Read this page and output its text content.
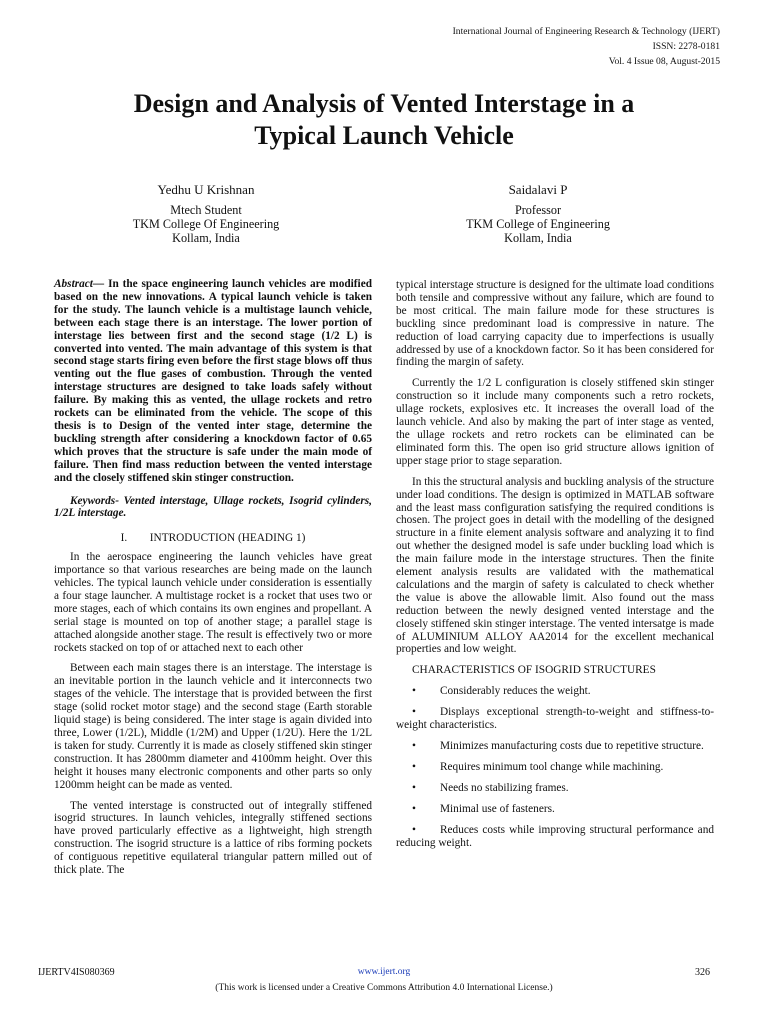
International Journal of Engineering Research & Technology (IJERT)
ISSN: 2278-0181
Vol. 4 Issue 08, August-2015
Design and Analysis of Vented Interstage in a
Typical Launch Vehicle
Yedhu U Krishnan
Mtech Student
TKM College Of Engineering
Kollam, India
Saidalavi P
Professor
TKM College of Engineering
Kollam, India

Abstract— In the space engineering launch vehicles are modified based on the new innovations. A typical launch vehicle is taken for the study. The launch vehicle is a multistage launch vehicle, between each stage there is an interstage. The lower portion of interstage lies between first and the second stage (1/2 L) is converted into vented. The main advantage of this system is that second stage starts firing even before the first stage blows off thus venting out the flue gases of combustion. Through the vented interstage structures are designed to take loads safely without failure. By making this as vented, the ullage rockets and retro rockets can be eliminated from the vehicle. The scope of this thesis is to Design of the vented inter stage, determine the buckling strength after considering a knockdown factor of 0.65 which proves that the structure is safe under the main mode of failure. Then find mass reduction between the vented interstage and the closely stiffened skin stinger construction.

Keywords- Vented interstage, Ullage rockets, Isogrid cylinders, 1/2L interstage.

I. INTRODUCTION (HEADING 1)

In the aerospace engineering the launch vehicles have great importance so that various researches are being made on the launch vehicles. The typical launch vehicle under consideration is essentially a four stage launcher. A multistage rocket is a rocket that uses two or more stages, each of which contains its own engines and propellant. A serial stage is mounted on top of another stage; a parallel stage is attached alongside another stage. The result is effectively two or more rockets stacked on top of or attached next to each other

Between each main stages there is an interstage. The interstage is an inevitable portion in the launch vehicle and it interconnects two stages of the vehicle. The interstage that is provided between the first stage (solid rocket motor stage) and the second stage (Earth storable liquid stage) is being considered. The inter stage is again divided into three, Lower (1/2L), Middle (1/2M) and Upper (1/2U). Here the 1/2L is taken for study. Currently it is made as closely stiffened skin stinger construction. It has 2800mm diameter and 4100mm height. Over this height it houses many electronic components and other parts so only 1200mm height can be made as vented.

The vented interstage is constructed out of integrally stiffened isogrid structures. In launch vehicles, integrally stiffened sections have proved particularly effective as a lightweight, high strength construction. The isogrid structure is a lattice of ribs forming pockets of contiguous repetitive equilateral triangular pattern milled out of thick plate. The

typical interstage structure is designed for the ultimate load conditions both tensile and compressive without any failure, which are found to be most critical. The main failure mode for these structures is buckling since predominant load is compressive in nature. The reduction of load carrying capacity due to imperfections is usually addressed by use of a knockdown factor. So it has been considered for finding the margin of safety.

Currently the 1/2 L configuration is closely stiffened skin stinger construction so it include many components such a retro rockets, ullage rockets, explosives etc. It increases the overall load of the launch vehicle. And also by making the part of inter stage as vented, the ullage rockets and retro rockets can be eliminated can be eliminated form this. The open iso grid structure allows ignition of upper stage prior to stage separation.

In this the structural analysis and buckling analysis of the structure under load conditions. The design is optimized in MATLAB software and the least mass configuration satisfying the required conditions is chosen. The project goes in detail with the modelling of the designed structure in a finite element analysis software and analyzing it to find out whether the designed model is safe under buckling load which is the main failure mode in the interstage structures. Then the finite element analysis results are validated with the mathematical calculations and the margin of safety is calculated to check whether the value is above the allowable limit. Also found out the mass reduction between the newly designed vented interstage and the closely stiffened skin stinger interstage. The vented intersatge is made of ALUMINIUM ALLOY AA2014 for the excellent mechanical properties and low weight.

CHARACTERISTICS OF ISOGRID STRUCTURES

• Considerably reduces the weight.
• Displays exceptional strength-to-weight and stiffness-to-weight characteristics.
• Minimizes manufacturing costs due to repetitive structure.
• Requires minimum tool change while machining.
• Needs no stabilizing frames.
• Minimal use of fasteners.
• Reduces costs while improving structural performance and reducing weight.
IJERTV4IS080369	www.ijert.org	326
(This work is licensed under a Creative Commons Attribution 4.0 International License.)
